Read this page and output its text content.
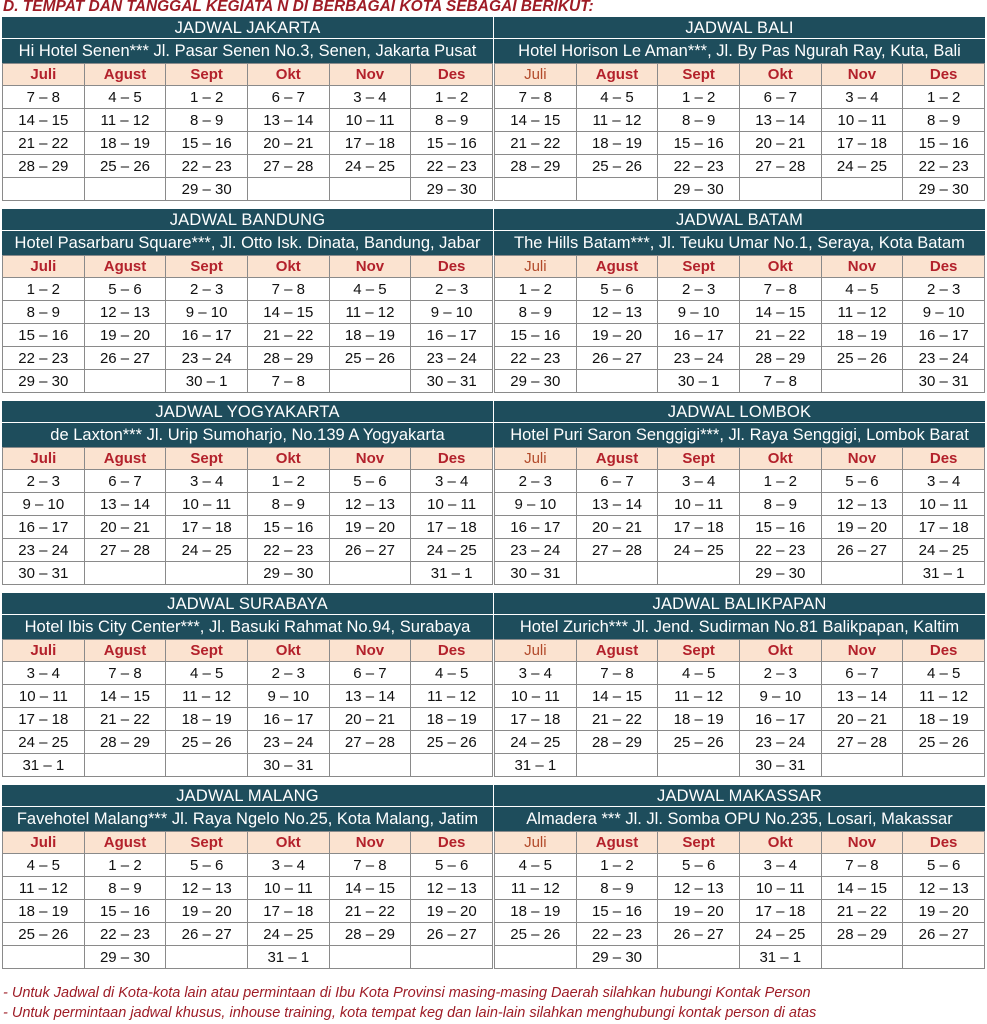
D. TEMPAT DAN TANGGAL KEGIATA N DI BERBAGAI KOTA SEBAGAI BERIKUT:
JADWAL JAKARTA
Hi Hotel Senen*** Jl. Pasar Senen No.3, Senen, Jakarta Pusat
Juli	Agust	Sept	Okt	Nov	Des
7 – 8	4 – 5	1 – 2	6 – 7	3 – 4	1 – 2
14 – 15	11 – 12	8 – 9	13 – 14	10 – 11	8 – 9
21 – 22	18 – 19	15 – 16	20 – 21	17 – 18	15 – 16
28 – 29	25 – 26	22 – 23	27 – 28	24 – 25	22 – 23
		29 – 30			29 – 30
JADWAL BALI
Hotel Horison Le Aman***, Jl. By Pas Ngurah Ray, Kuta, Bali
Juli	Agust	Sept	Okt	Nov	Des
7 – 8	4 – 5	1 – 2	6 – 7	3 – 4	1 – 2
14 – 15	11 – 12	8 – 9	13 – 14	10 – 11	8 – 9
21 – 22	18 – 19	15 – 16	20 – 21	17 – 18	15 – 16
28 – 29	25 – 26	22 – 23	27 – 28	24 – 25	22 – 23
		29 – 30			29 – 30
JADWAL BANDUNG
Hotel Pasarbaru Square***, Jl. Otto Isk. Dinata, Bandung, Jabar
Juli	Agust	Sept	Okt	Nov	Des
1 – 2	5 – 6	2 – 3	7 – 8	4 – 5	2 – 3
8 – 9	12 – 13	9 – 10	14 – 15	11 – 12	9 – 10
15 – 16	19 – 20	16 – 17	21 – 22	18 – 19	16 – 17
22 – 23	26 – 27	23 – 24	28 – 29	25 – 26	23 – 24
29 – 30		30 – 1	7 – 8		30 – 31
JADWAL BATAM
The Hills Batam***, Jl. Teuku Umar No.1, Seraya, Kota Batam
Juli	Agust	Sept	Okt	Nov	Des
1 – 2	5 – 6	2 – 3	7 – 8	4 – 5	2 – 3
8 – 9	12 – 13	9 – 10	14 – 15	11 – 12	9 – 10
15 – 16	19 – 20	16 – 17	21 – 22	18 – 19	16 – 17
22 – 23	26 – 27	23 – 24	28 – 29	25 – 26	23 – 24
29 – 30		30 – 1	7 – 8		30 – 31
JADWAL YOGYAKARTA
de Laxton*** Jl. Urip Sumoharjo, No.139 A Yogyakarta
Juli	Agust	Sept	Okt	Nov	Des
2 – 3	6 – 7	3 – 4	1 – 2	5 – 6	3 – 4
9 – 10	13 – 14	10 – 11	8 – 9	12 – 13	10 – 11
16 – 17	20 – 21	17 – 18	15 – 16	19 – 20	17 – 18
23 – 24	27 – 28	24 – 25	22 – 23	26 – 27	24 – 25
30 – 31			29 – 30		31 – 1
JADWAL LOMBOK
Hotel Puri Saron Senggigi***, Jl. Raya Senggigi, Lombok Barat
Juli	Agust	Sept	Okt	Nov	Des
2 – 3	6 – 7	3 – 4	1 – 2	5 – 6	3 – 4
9 – 10	13 – 14	10 – 11	8 – 9	12 – 13	10 – 11
16 – 17	20 – 21	17 – 18	15 – 16	19 – 20	17 – 18
23 – 24	27 – 28	24 – 25	22 – 23	26 – 27	24 – 25
30 – 31			29 – 30		31 – 1
JADWAL SURABAYA
Hotel Ibis City Center***, Jl. Basuki Rahmat No.94, Surabaya
Juli	Agust	Sept	Okt	Nov	Des
3 – 4	7 – 8	4 – 5	2 – 3	6 – 7	4 – 5
10 – 11	14 – 15	11 – 12	9 – 10	13 – 14	11 – 12
17 – 18	21 – 22	18 – 19	16 – 17	20 – 21	18 – 19
24 – 25	28 – 29	25 – 26	23 – 24	27 – 28	25 – 26
31 – 1			30 – 31		
JADWAL BALIKPAPAN
Hotel Zurich*** Jl. Jend. Sudirman No.81 Balikpapan, Kaltim
Juli	Agust	Sept	Okt	Nov	Des
3 – 4	7 – 8	4 – 5	2 – 3	6 – 7	4 – 5
10 – 11	14 – 15	11 – 12	9 – 10	13 – 14	11 – 12
17 – 18	21 – 22	18 – 19	16 – 17	20 – 21	18 – 19
24 – 25	28 – 29	25 – 26	23 – 24	27 – 28	25 – 26
31 – 1			30 – 31		
JADWAL MALANG
Favehotel Malang*** Jl. Raya Ngelo No.25, Kota Malang, Jatim
Juli	Agust	Sept	Okt	Nov	Des
4 – 5	1 – 2	5 – 6	3 – 4	7 – 8	5 – 6
11 – 12	8 – 9	12 – 13	10 – 11	14 – 15	12 – 13
18 – 19	15 – 16	19 – 20	17 – 18	21 – 22	19 – 20
25 – 26	22 – 23	26 – 27	24 – 25	28 – 29	26 – 27
	29 – 30		31 – 1		
JADWAL MAKASSAR
Almadera *** Jl. Jl. Somba OPU No.235, Losari, Makassar
Juli	Agust	Sept	Okt	Nov	Des
4 – 5	1 – 2	5 – 6	3 – 4	7 – 8	5 – 6
11 – 12	8 – 9	12 – 13	10 – 11	14 – 15	12 – 13
18 – 19	15 – 16	19 – 20	17 – 18	21 – 22	19 – 20
25 – 26	22 – 23	26 – 27	24 – 25	28 – 29	26 – 27
	29 – 30		31 – 1		
- Untuk Jadwal di Kota-kota lain atau permintaan di Ibu Kota Provinsi masing-masing Daerah silahkan hubungi Kontak Person
- Untuk permintaan jadwal khusus, inhouse training, kota tempat keg dan lain-lain silahkan menghubungi kontak person di atas
